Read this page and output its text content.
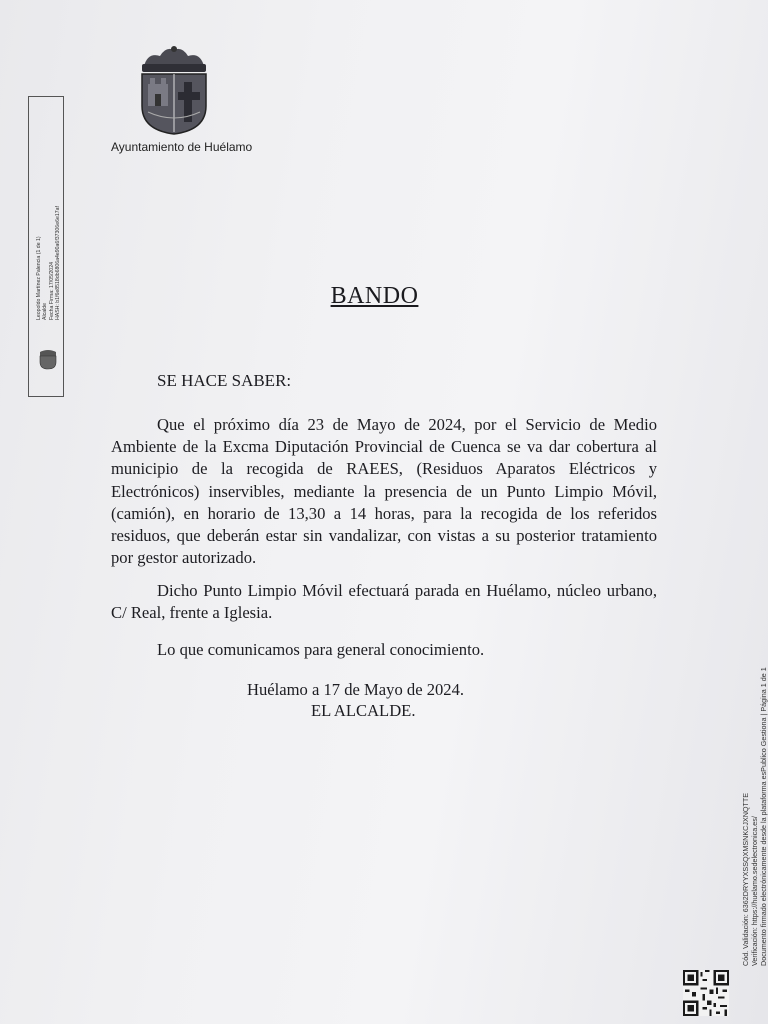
Ayuntamiento de Huélamo
Leopoldo Martínez Palencia (1 de 1) Alcalde Fecha Firma: 17/05/2024 HASH: b1f6e8518db6806a4e90a6f37306e6e17af	BANDO
SE HACE SABER:
Que el próximo día 23 de Mayo de 2024, por el Servicio de Medio Ambiente de la Excma Diputación Provincial de Cuenca se va dar cobertura al municipio de la recogida de RAEES, (Residuos Aparatos Eléctricos y Electrónicos) inservibles, mediante la presencia de un Punto Limpio Móvil, (camión), en horario de 13,30 a 14 horas, para la recogida de los referidos residuos, que deberán estar sin vandalizar, con vistas a su posterior tratamiento por gestor autorizado.
Dicho Punto Limpio Móvil efectuará parada en Huélamo, núcleo urbano, C/ Real, frente a Iglesia.
Lo que comunicamos para general conocimiento.
Huélamo a 17 de Mayo de 2024.
EL ALCALDE.
Cód. Validación: 6362DRYYXSSQXMSNKCJXNQTTE Verificación: https://huelamo.sedelectronica.es/ Documento firmado electrónicamente desde la plataforma esPublico Gestiona | Página 1 de 1
